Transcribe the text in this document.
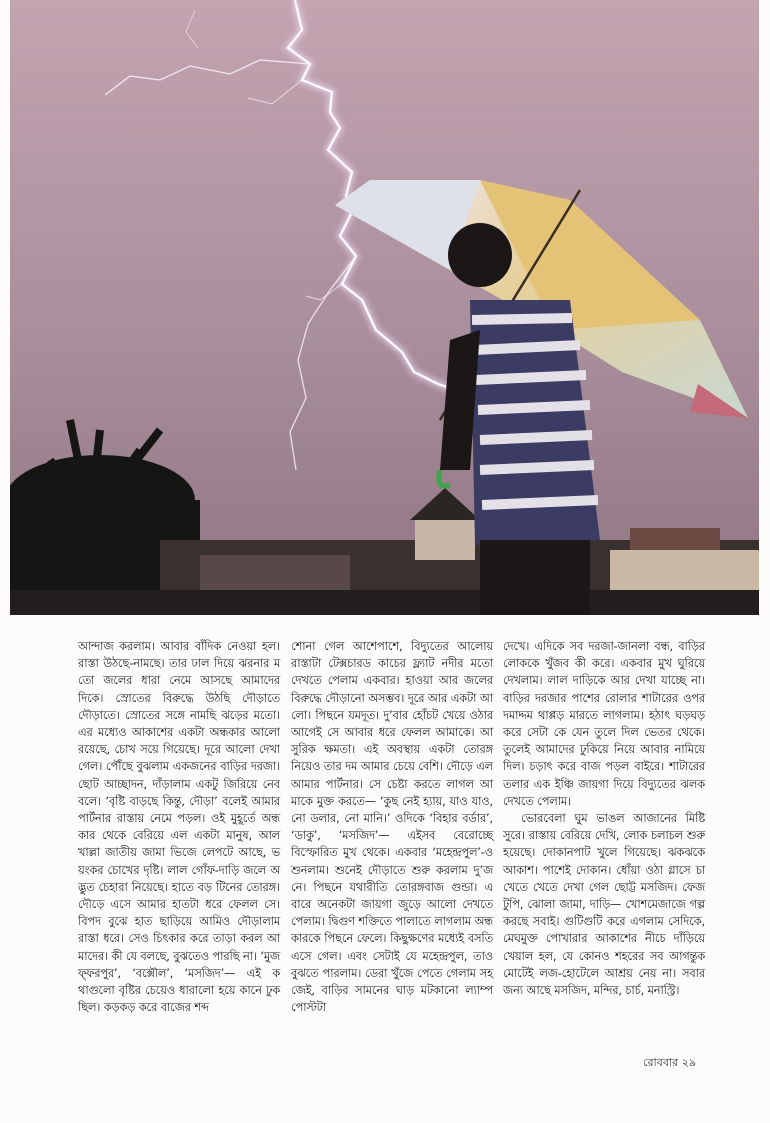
আন্দাজ করলাম। আবার বাঁদিক নেওয়া হল। রাস্তা উঠছে-নামছে। তার ঢাল দিয়ে ঝরনার মতো জলের ধারা নেমে আসছে আমাদের দিকে। স্রোতের বিরুদ্ধে উঠছি দৌড়াতে দৌড়াতে। স্রোতের সঙ্গে নামছি ঝড়ের মতো। এর মধ্যেও আকাশের একটা অন্ধকার আলো রয়েছে, চোখ সয়ে গিয়েছে। দূরে আলো দেখা গেল। পৌঁছে বুঝলাম একজনের বাড়ির দরজা। ছোট আচ্ছাদন, দাঁড়ালাম একটু জিরিয়ে নেব বলে। ‘বৃষ্টি বাড়ছে কিন্তু, দৌড়া’ বলেই আমার পার্টনার রাস্তায় নেমে পড়ল। ওই মুহূর্তে অন্ধকার থেকে বেরিয়ে এল একটা মানুষ, আলখাল্লা জাতীয় জামা ভিজে লেপটে আছে, ভয়ংকর চোখের দৃষ্টি। লাল গোঁফ-দাড়ি জলে অদ্ভুত চেহারা নিয়েছে। হাতে বড় টিনের তোরঙ্গ। দৌড়ে এসে আমার হাতটা ধরে ফেলল সে। বিপদ বুঝে হাত ছাড়িয়ে আমিও দৌড়ালাম রাস্তা ধরে। সেও চিৎকার করে তাড়া করল আমাদের। কী যে বলছে, বুঝতেও পারছি না। ‘মুজফ্ফরপুর’, ‘বক্সৌল’, ‘মসজিদ’— এই কথাগুলো বৃষ্টির চেয়েও ধারালো হয়ে কানে ঢুকছিল। কড়কড় করে বাজের শব্দ

শোনা গেল আশেপাশে, বিদ্যুতের আলোয় রাস্তাটা টেক্সচারড কাচের ফ্ল্যাট নদীর মতো দেখতে পেলাম একবার। হাওয়া আর জলের বিরুদ্ধে দৌড়ানো অসম্ভব। দূরে আর একটা আলো। পিছনে যমদূত। দু’বার হোঁচট খেয়ে ওঠার আগেই সে আবার ধরে ফেলল আমাকে। আসুরিক ক্ষমতা। এই অবস্থায় একটা তোরঙ্গ নিয়েও তার দম আমার চেয়ে বেশি। দৌড়ে এল আমার পার্টনার। সে চেষ্টা করতে লাগল আমাকে মুক্ত করতে— ‘কুছ নেই হ্যায়, যাও যাও, নো ডলার, নো মানি।’ ওদিকে ‘বিহার বর্ডার’, ‘ডাকু’, ‘মসজিদ’— এইসব বেরোচ্ছে বিস্ফোরিত মুখ থেকে। একবার ‘মহেন্দ্রপুল’-ও শুনলাম। শুনেই দৌড়াতে শুরু করলাম দু’জনে। পিছনে যথারীতি তোরঙ্গবাজ গুন্ডা। এবারে অনেকটা জায়গা জুড়ে আলো দেখতে পেলাম। দ্বিগুণ শক্তিতে পালাতে লাগলাম অন্ধকারকে পিছনে ফেলে। কিছুক্ষণের মধ্যেই বসতি এসে গেল। এবং সেটাই যে মহেন্দ্রপুল, তাও বুঝতে পারলাম। ডেরা খুঁজে পেতে গেলাম সহজেই, বাড়ির সামনের ঘাড় মটকানো ল্যাম্পপোস্টটা

দেখে। এদিকে সব দরজা-জানলা বন্ধ, বাড়ির লোককে খুঁজব কী করে। একবার মুখ ঘুরিয়ে দেখলাম। লাল দাড়িকে আর দেখা যাচ্ছে না। বাড়ির দরজার পাশের রোলার শাটারের ওপর দমাদ্দম থাপ্পড় মারতে লাগলাম। হঠাৎ ঘড়ঘড় করে সেটা কে যেন তুলে দিল ভেতর থেকে। তুলেই আমাদের ঢুকিয়ে নিয়ে আবার নামিয়ে দিল। চড়াৎ করে বাজ পড়ল বাইরে। শাটারের তলার এক ইঞ্চি জায়গা দিয়ে বিদ্যুতের ঝলক দেখতে পেলাম।

ভোরবেলা ঘুম ভাঙল আজানের মিষ্টি সুরে। রাস্তায় বেরিয়ে দেখি, লোক চলাচল শুরু হয়েছে। দোকানপাট খুলে গিয়েছে। ঝকঝকে আকাশ। পাশেই দোকান। ধোঁয়া ওঠা গ্লাসে চা খেতে খেতে দেখা গেল ছোট্ট মসজিদ। ফেজ টুপি, ঝোলা জামা, দাড়ি— খোশমেজাজে গল্প করছে সবাই। গুটিগুটি করে এগলাম সেদিকে, মেঘমুক্ত পোখারার আকাশের নীচে দাঁড়িয়ে খেয়াল হল, যে কোনও শহরের সব আগন্তুক মোটেই লজ-হোটেলে আশ্রয় নেয় না। সবার জন্য আছে মসজিদ, মন্দির, চার্চ, মনাস্ট্রি।

রোববার ২৯
